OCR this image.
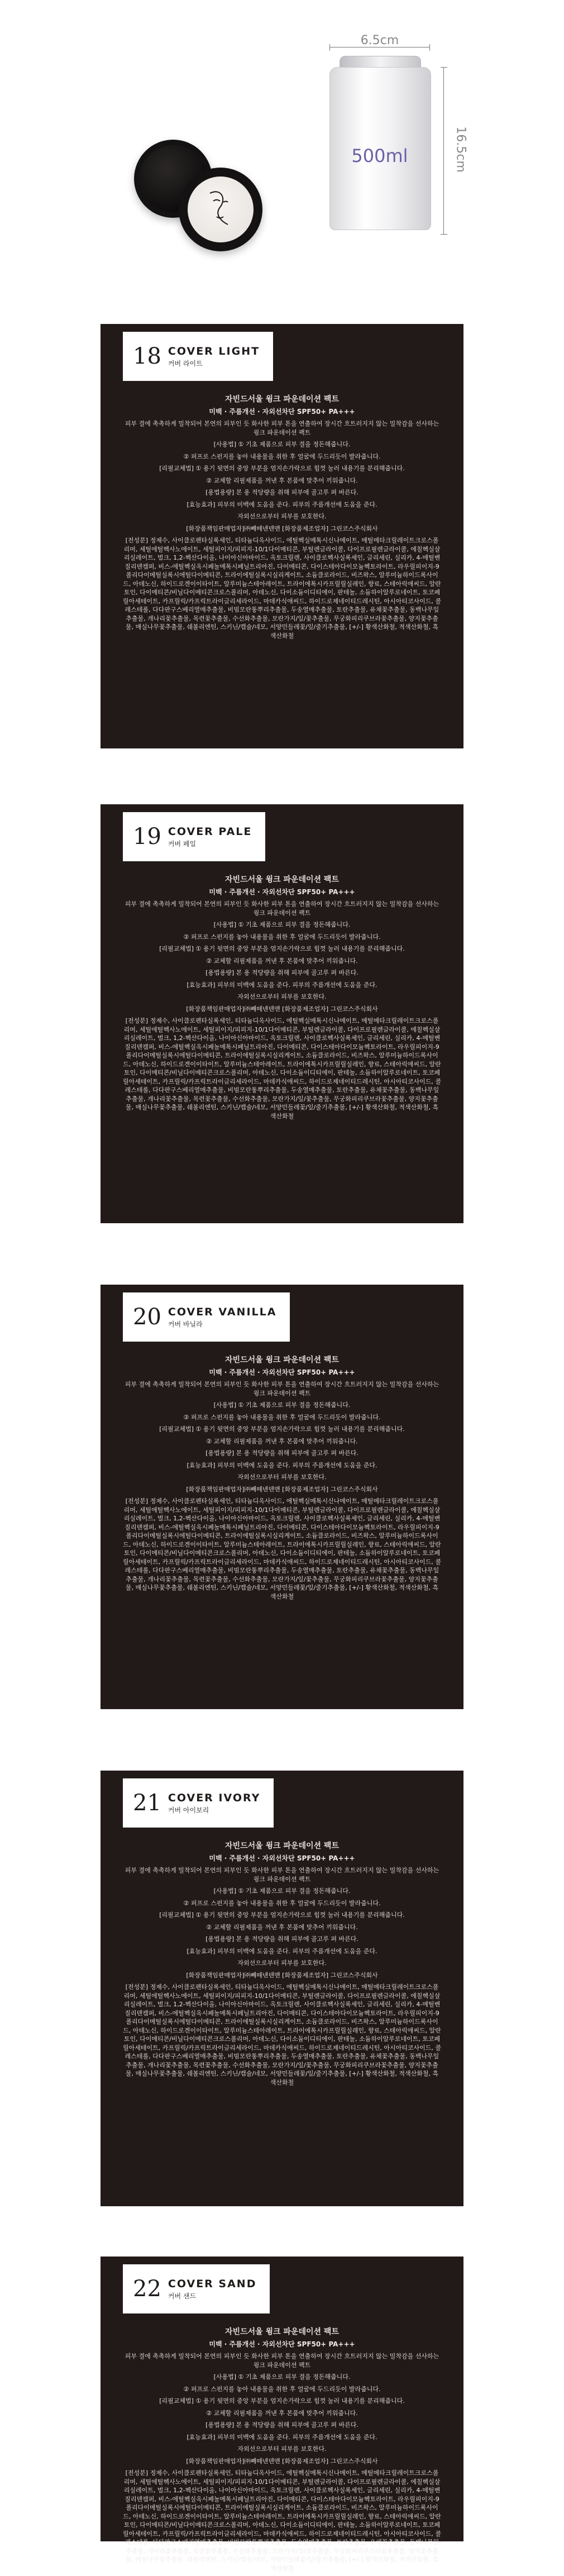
6.5cm
500ml	16.5cm
18 COVER LIGHT
커버 라이트

자빈드서울 윙크 파운데이션 팩트

미백 · 주름개선 · 자외선차단 SPF50+ PA+++

피부 결에 촉촉하게 밀착되어 본연의 피부인 듯 화사한 피부 톤을 연출하여 장시간 흐트러지지 않는 밀착감을 선사하는 윙크 파운데이션 팩트

[사용법] ① 기초 제품으로 피부 결을 정돈해줍니다.

② 퍼프로 스펀지를 놓아 내용물을 취한 후 얼굴에 두드리듯이 발라줍니다.

[리필교체법] ① 용기 뒷면의 중앙 부분을 엄지손가락으로 힘껏 눌러 내용기를 분리해줍니다.

② 교체할 리필제품을 꺼낸 후 본품에 맞추어 끼워줍니다.

[용법용량] 본 용 적당량을 취해 피부에 골고루 펴 바른다.

[효능효과] 피부의 미백에 도움을 준다. 피부의 주름개선에 도움을 준다.

자외선으로부터 피부를 보호한다.

[화장품책임판매업자]㈜빼떼넨덴맨 [화장품제조업자] 그린코스주식회사

[전성분] 정제수, 사이클로펜타실록세인, 티타늄디옥사이드, 에틸헥실메톡시신나메이트, 메틸메타크릴레이트크로스폴리머, 세틸에틸헥사노에이트, 세틸피이지/피피지-10/1다이메티콘, 부틸렌글라이콜, 다이프로필렌글라이콜, 에칠헥실살리실레이트, 벌크, 1,2-헥산다이올, 나이아신아마이드, 옥토크릴렌, 사이클로헥사실록세인, 글리세린, 실리카, 4-메틸벤질리덴캠퍼, 비스-에틸헥실옥시페놀메톡시페닐트리아진, 다이메티콘, 다이스테아다이모늄헥토라이트, 라우릴피이지-9폴리다이메틸실록시에틸다이메티콘, 트라이에틸실록시실리케이트, 소듐클로라이드, 비즈왁스, 알루미늄하이드록사이드, 아데노신, 하이드로겐이이타이트, 알루미늄스테아레이트, 트라이에톡시카프릴릴실레인, 향료, 스테아릭애씨드, 알란토인, 다이메티콘/비닐다이메티콘크로스폴리머, 아데노신, 다이소듐이디티에이, 판테놀, 소듐하이알루로네이트, 토코페릴아세테이트, 카프릴릭/카프릭트라이글리세라이드, 마데카식애씨드, 하이드로제네이티드레시틴, 아시아티코사이드, 콜레스테롤, 다다판구스베리열매추출물, 비빔모란퉁뿌리추출물, 두송열매추출물, 토란추출물, 유채꽃추출물, 동백나무잎추출물, 개나리꽃추출물, 목련꽃추출물, 수선화추출물, 모란가지/잎/꽃추출물, 무궁화피리쿠브라꽃추출물, 양지꽃추출물, 매실나무꽃추출물, 쉐볼리엔틴, 스키닌/캡슐/네모, 서양민들레꽃/잎/줄기추출물, [+/-] 황색산화철, 적색산화철, 흑색산화철

19 COVER PALE
커버 페일

자빈드서울 윙크 파운데이션 팩트

미백 · 주름개선 · 자외선차단 SPF50+ PA+++

피부 결에 촉촉하게 밀착되어 본연의 피부인 듯 화사한 피부 톤을 연출하여 장시간 흐트러지지 않는 밀착감을 선사하는 윙크 파운데이션 팩트

[사용법] ① 기초 제품으로 피부 결을 정돈해줍니다.

② 퍼프로 스펀지를 놓아 내용물을 취한 후 얼굴에 두드리듯이 발라줍니다.

[리필교체법] ① 용기 뒷면의 중앙 부분을 엄지손가락으로 힘껏 눌러 내용기를 분리해줍니다.

② 교체할 리필제품을 꺼낸 후 본품에 맞추어 끼워줍니다.

[용법용량] 본 용 적당량을 취해 피부에 골고루 펴 바른다.

[효능효과] 피부의 미백에 도움을 준다. 피부의 주름개선에 도움을 준다.

자외선으로부터 피부를 보호한다.

[화장품책임판매업자]㈜빼떼넨덴맨 [화장품제조업자] 그린코스주식회사

[전성분] 정제수, 사이클로펜타실록세인, 티타늄디옥사이드, 에틸헥실메톡시신나메이트, 메틸메타크릴레이트크로스폴리머, 세틸에틸헥사노에이트, 세틸피이지/피피지-10/1다이메티콘, 부틸렌글라이콜, 다이프로필렌글라이콜, 에칠헥실살리실레이트, 벌크, 1,2-헥산다이올, 나이아신아마이드, 옥토크릴렌, 사이클로헥사실록세인, 글리세린, 실리카, 4-메틸벤질리덴캠퍼, 비스-에틸헥실옥시페놀메톡시페닐트리아진, 다이메티콘, 다이스테아다이모늄헥토라이트, 라우릴피이지-9폴리다이메틸실록시에틸다이메티콘, 트라이에틸실록시실리케이트, 소듐클로라이드, 비즈왁스, 알루미늄하이드록사이드, 아데노신, 하이드로겐이이타이트, 알루미늄스테아레이트, 트라이에톡시카프릴릴실레인, 향료, 스테아릭애씨드, 알란토인, 다이메티콘/비닐다이메티콘크로스폴리머, 아데노신, 다이소듐이디티에이, 판테놀, 소듐하이알루로네이트, 토코페릴아세테이트, 카프릴릭/카프릭트라이글리세라이드, 마데카식애씨드, 하이드로제네이티드레시틴, 아시아티코사이드, 콜레스테롤, 다다판구스베리열매추출물, 비빔모란퉁뿌리추출물, 두송열매추출물, 토란추출물, 유채꽃추출물, 동백나무잎추출물, 개나리꽃추출물, 목련꽃추출물, 수선화추출물, 모란가지/잎/꽃추출물, 무궁화피리쿠브라꽃추출물, 양지꽃추출물, 매실나무꽃추출물, 쉐볼리엔틴, 스키닌/캡슐/네모, 서양민들레꽃/잎/줄기추출물, [+/-] 황색산화철, 적색산화철, 흑색산화철

20 COVER VANILLA
커버 바닐라

자빈드서울 윙크 파운데이션 팩트

미백 · 주름개선 · 자외선차단 SPF50+ PA+++

피부 결에 촉촉하게 밀착되어 본연의 피부인 듯 화사한 피부 톤을 연출하여 장시간 흐트러지지 않는 밀착감을 선사하는 윙크 파운데이션 팩트

[사용법] ① 기초 제품으로 피부 결을 정돈해줍니다.

② 퍼프로 스펀지를 놓아 내용물을 취한 후 얼굴에 두드리듯이 발라줍니다.

[리필교체법] ① 용기 뒷면의 중앙 부분을 엄지손가락으로 힘껏 눌러 내용기를 분리해줍니다.

② 교체할 리필제품을 꺼낸 후 본품에 맞추어 끼워줍니다.

[용법용량] 본 용 적당량을 취해 피부에 골고루 펴 바른다.

[효능효과] 피부의 미백에 도움을 준다. 피부의 주름개선에 도움을 준다.

자외선으로부터 피부를 보호한다.

[화장품책임판매업자]㈜빼떼넨덴맨 [화장품제조업자] 그린코스주식회사

[전성분] 정제수, 사이클로펜타실록세인, 티타늄디옥사이드, 에틸헥실메톡시신나메이트, 메틸메타크릴레이트크로스폴리머, 세틸에틸헥사노에이트, 세틸피이지/피피지-10/1다이메티콘, 부틸렌글라이콜, 다이프로필렌글라이콜, 에칠헥실살리실레이트, 벌크, 1,2-헥산다이올, 나이아신아마이드, 옥토크릴렌, 사이클로헥사실록세인, 글리세린, 실리카, 4-메틸벤질리덴캠퍼, 비스-에틸헥실옥시페놀메톡시페닐트리아진, 다이메티콘, 다이스테아다이모늄헥토라이트, 라우릴피이지-9폴리다이메틸실록시에틸다이메티콘, 트라이에틸실록시실리케이트, 소듐클로라이드, 비즈왁스, 알루미늄하이드록사이드, 아데노신, 하이드로겐이이타이트, 알루미늄스테아레이트, 트라이에톡시카프릴릴실레인, 향료, 스테아릭애씨드, 알란토인, 다이메티콘/비닐다이메티콘크로스폴리머, 아데노신, 다이소듐이디티에이, 판테놀, 소듐하이알루로네이트, 토코페릴아세테이트, 카프릴릭/카프릭트라이글리세라이드, 마데카식애씨드, 하이드로제네이티드레시틴, 아시아티코사이드, 콜레스테롤, 다다판구스베리열매추출물, 비빔모란퉁뿌리추출물, 두송열매추출물, 토란추출물, 유채꽃추출물, 동백나무잎추출물, 개나리꽃추출물, 목련꽃추출물, 수선화추출물, 모란가지/잎/꽃추출물, 무궁화피리쿠브라꽃추출물, 양지꽃추출물, 매실나무꽃추출물, 쉐볼리엔틴, 스키닌/캡슐/네모, 서양민들레꽃/잎/줄기추출물, [+/-] 황색산화철, 적색산화철, 흑색산화철

21 COVER IVORY
커버 아이보리

자빈드서울 윙크 파운데이션 팩트

미백 · 주름개선 · 자외선차단 SPF50+ PA+++

피부 결에 촉촉하게 밀착되어 본연의 피부인 듯 화사한 피부 톤을 연출하여 장시간 흐트러지지 않는 밀착감을 선사하는 윙크 파운데이션 팩트

[사용법] ① 기초 제품으로 피부 결을 정돈해줍니다.

② 퍼프로 스펀지를 놓아 내용물을 취한 후 얼굴에 두드리듯이 발라줍니다.

[리필교체법] ① 용기 뒷면의 중앙 부분을 엄지손가락으로 힘껏 눌러 내용기를 분리해줍니다.

② 교체할 리필제품을 꺼낸 후 본품에 맞추어 끼워줍니다.

[용법용량] 본 용 적당량을 취해 피부에 골고루 펴 바른다.

[효능효과] 피부의 미백에 도움을 준다. 피부의 주름개선에 도움을 준다.

자외선으로부터 피부를 보호한다.

[화장품책임판매업자]㈜빼떼넨덴맨 [화장품제조업자] 그린코스주식회사

[전성분] 정제수, 사이클로펜타실록세인, 티타늄디옥사이드, 에틸헥실메톡시신나메이트, 메틸메타크릴레이트크로스폴리머, 세틸에틸헥사노에이트, 세틸피이지/피피지-10/1다이메티콘, 부틸렌글라이콜, 다이프로필렌글라이콜, 에칠헥실살리실레이트, 벌크, 1,2-헥산다이올, 나이아신아마이드, 옥토크릴렌, 사이클로헥사실록세인, 글리세린, 실리카, 4-메틸벤질리덴캠퍼, 비스-에틸헥실옥시페놀메톡시페닐트리아진, 다이메티콘, 다이스테아다이모늄헥토라이트, 라우릴피이지-9폴리다이메틸실록시에틸다이메티콘, 트라이에틸실록시실리케이트, 소듐클로라이드, 비즈왁스, 알루미늄하이드록사이드, 아데노신, 하이드로겐이이타이트, 알루미늄스테아레이트, 트라이에톡시카프릴릴실레인, 향료, 스테아릭애씨드, 알란토인, 다이메티콘/비닐다이메티콘크로스폴리머, 아데노신, 다이소듐이디티에이, 판테놀, 소듐하이알루로네이트, 토코페릴아세테이트, 카프릴릭/카프릭트라이글리세라이드, 마데카식애씨드, 하이드로제네이티드레시틴, 아시아티코사이드, 콜레스테롤, 다다판구스베리열매추출물, 비빔모란퉁뿌리추출물, 두송열매추출물, 토란추출물, 유채꽃추출물, 동백나무잎추출물, 개나리꽃추출물, 목련꽃추출물, 수선화추출물, 모란가지/잎/꽃추출물, 무궁화피리쿠브라꽃추출물, 양지꽃추출물, 매실나무꽃추출물, 쉐볼리엔틴, 스키닌/캡슐/네모, 서양민들레꽃/잎/줄기추출물, [+/-] 황색산화철, 적색산화철, 흑색산화철

22 COVER SAND
커버 샌드

자빈드서울 윙크 파운데이션 팩트

미백 · 주름개선 · 자외선차단 SPF50+ PA+++

피부 결에 촉촉하게 밀착되어 본연의 피부인 듯 화사한 피부 톤을 연출하여 장시간 흐트러지지 않는 밀착감을 선사하는 윙크 파운데이션 팩트

[사용법] ① 기초 제품으로 피부 결을 정돈해줍니다.

② 퍼프로 스펀지를 놓아 내용물을 취한 후 얼굴에 두드리듯이 발라줍니다.

[리필교체법] ① 용기 뒷면의 중앙 부분을 엄지손가락으로 힘껏 눌러 내용기를 분리해줍니다.

② 교체할 리필제품을 꺼낸 후 본품에 맞추어 끼워줍니다.

[용법용량] 본 용 적당량을 취해 피부에 골고루 펴 바른다.

[효능효과] 피부의 미백에 도움을 준다. 피부의 주름개선에 도움을 준다.

자외선으로부터 피부를 보호한다.

[화장품책임판매업자]㈜빼떼넨덴맨 [화장품제조업자] 그린코스주식회사

[전성분] 정제수, 사이클로펜타실록세인, 티타늄디옥사이드, 에틸헥실메톡시신나메이트, 메틸메타크릴레이트크로스폴리머, 세틸에틸헥사노에이트, 세틸피이지/피피지-10/1다이메티콘, 부틸렌글라이콜, 다이프로필렌글라이콜, 에칠헥실살리실레이트, 벌크, 1,2-헥산다이올, 나이아신아마이드, 옥토크릴렌, 사이클로헥사실록세인, 글리세린, 실리카, 4-메틸벤질리덴캠퍼, 비스-에틸헥실옥시페놀메톡시페닐트리아진, 다이메티콘, 다이스테아다이모늄헥토라이트, 라우릴피이지-9폴리다이메틸실록시에틸다이메티콘, 트라이에틸실록시실리케이트, 소듐클로라이드, 비즈왁스, 알루미늄하이드록사이드, 아데노신, 하이드로겐이이타이트, 알루미늄스테아레이트, 트라이에톡시카프릴릴실레인, 향료, 스테아릭애씨드, 알란토인, 다이메티콘/비닐다이메티콘크로스폴리머, 아데노신, 다이소듐이디티에이, 판테놀, 소듐하이알루로네이트, 토코페릴아세테이트, 카프릴릭/카프릭트라이글리세라이드, 마데카식애씨드, 하이드로제네이티드레시틴, 아시아티코사이드, 콜레스테롤, 다다판구스베리열매추출물, 비빔모란퉁뿌리추출물, 두송열매추출물, 토란추출물, 유채꽃추출물, 동백나무잎추출물, 개나리꽃추출물, 목련꽃추출물, 수선화추출물, 모란가지/잎/꽃추출물, 무궁화피리쿠브라꽃추출물, 양지꽃추출물, 매실나무꽃추출물, 쉐볼리엔틴, 스키닌/캡슐/네모, 서양민들레꽃/잎/줄기추출물, [+/-] 황색산화철, 적색산화철, 흑색산화철
